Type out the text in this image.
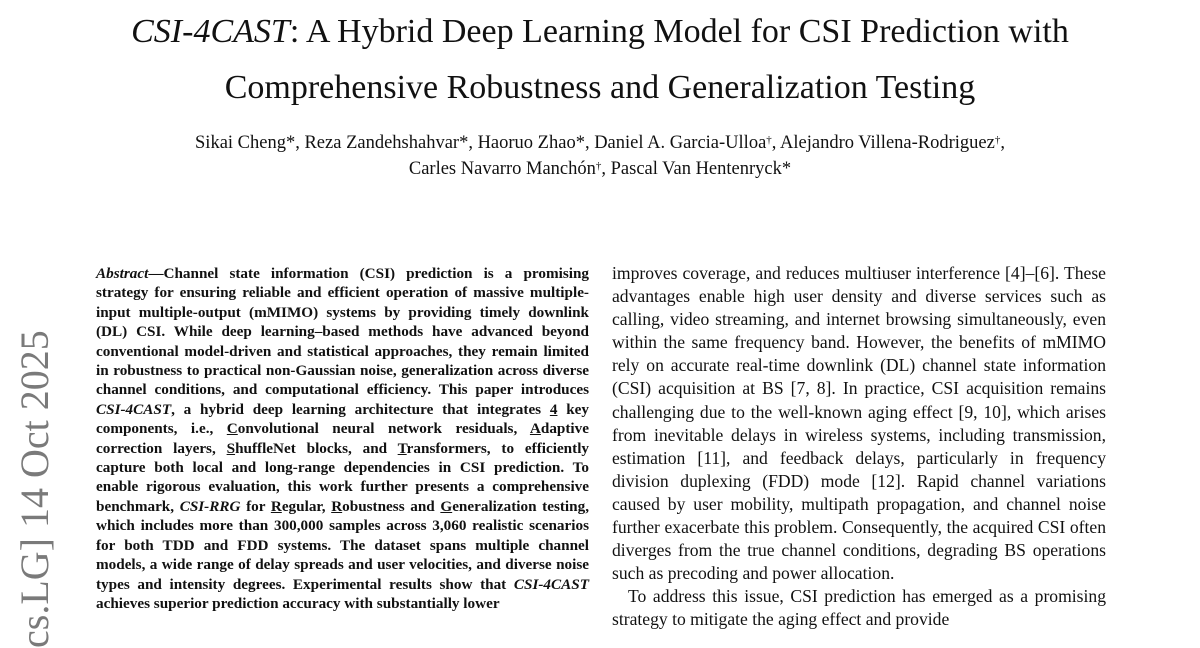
CSI-4CAST: A Hybrid Deep Learning Model for CSI Prediction with
Comprehensive Robustness and Generalization Testing
Sikai Cheng*, Reza Zandehshahvar*, Haoruo Zhao*, Daniel A. Garcia-Ulloa†, Alejandro Villena-Rodriguez†,
Carles Navarro Manchón†, Pascal Van Hentenryck*
cs.LG] 14 Oct 2025
Abstract—Channel state information (CSI) prediction is a promising strategy for ensuring reliable and efficient operation of massive multiple-input multiple-output (mMIMO) systems by providing timely downlink (DL) CSI. While deep learning–based methods have advanced beyond conventional model-driven and statistical approaches, they remain limited in robustness to practical non-Gaussian noise, generalization across diverse channel conditions, and computational efficiency. This paper introduces CSI-4CAST, a hybrid deep learning architecture that integrates 4 key components, i.e., Convolutional neural network residuals, Adaptive correction layers, ShuffleNet blocks, and Transformers, to efficiently capture both local and long-range dependencies in CSI prediction. To enable rigorous evaluation, this work further presents a comprehensive benchmark, CSI-RRG for Regular, Robustness and Generalization testing, which includes more than 300,000 samples across 3,060 realistic scenarios for both TDD and FDD systems. The dataset spans multiple channel models, a wide range of delay spreads and user velocities, and diverse noise types and intensity degrees. Experimental results show that CSI-4CAST achieves superior prediction accuracy with substantially lower
improves coverage, and reduces multiuser interference [4]–[6]. These advantages enable high user density and diverse services such as calling, video streaming, and internet browsing simultaneously, even within the same frequency band. However, the benefits of mMIMO rely on accurate real-time downlink (DL) channel state information (CSI) acquisition at BS [7, 8]. In practice, CSI acquisition remains challenging due to the well-known aging effect [9, 10], which arises from inevitable delays in wireless systems, including transmission, estimation [11], and feedback delays, particularly in frequency division duplexing (FDD) mode [12]. Rapid channel variations caused by user mobility, multipath propagation, and channel noise further exacerbate this problem. Consequently, the acquired CSI often diverges from the true channel conditions, degrading BS operations such as precoding and power allocation.
To address this issue, CSI prediction has emerged as a promising strategy to mitigate the aging effect and provide
